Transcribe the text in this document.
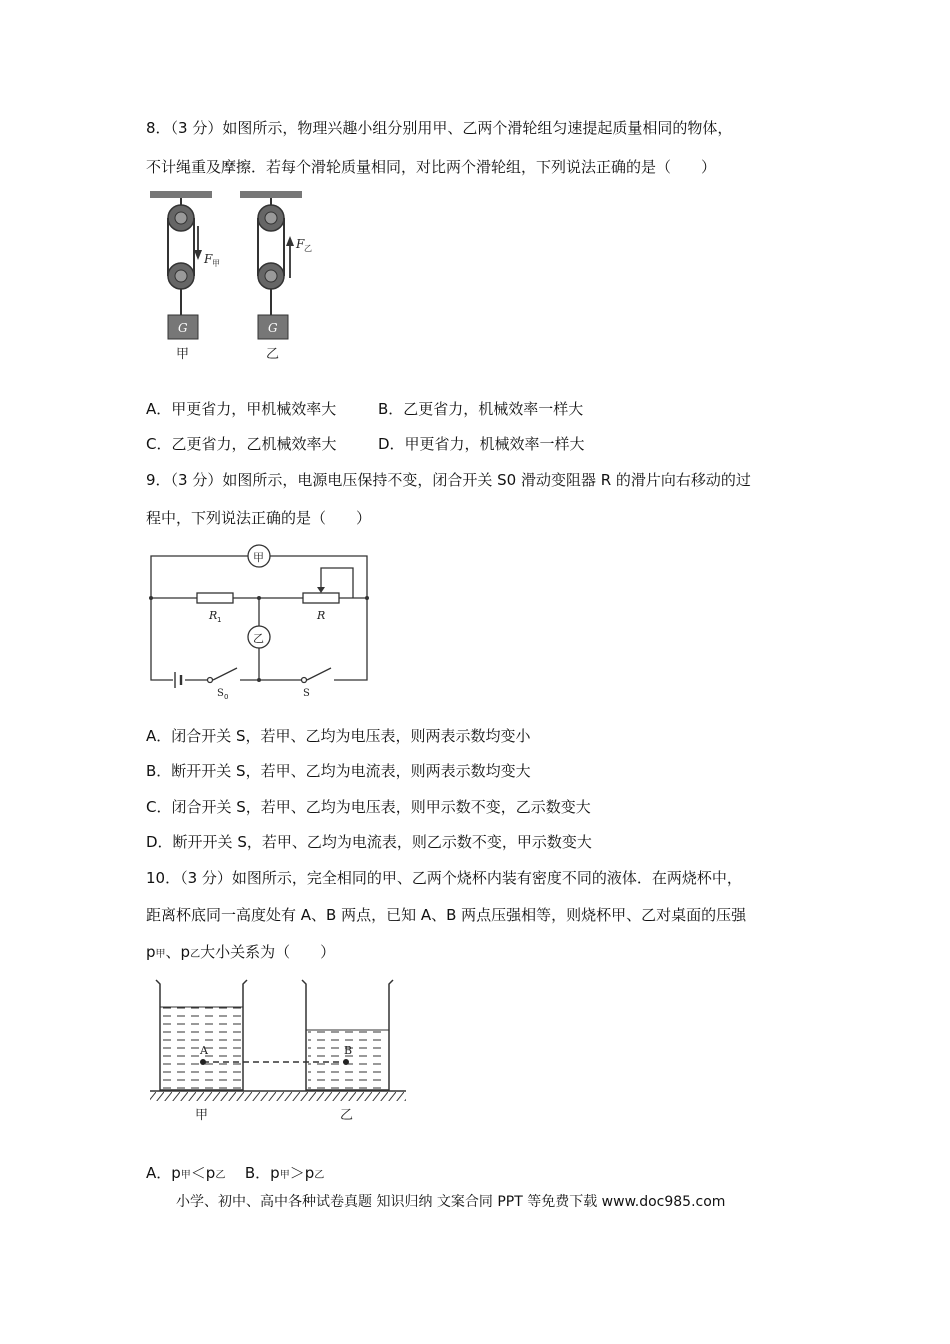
8．（3 分）如图所示，物理兴趣小组分别用甲、乙两个滑轮组匀速提起质量相同的物体，
不计绳重及摩擦．若每个滑轮质量相同，对比两个滑轮组，下列说法正确的是（　　）
F 甲
F 乙
G	G
甲	乙
A．甲更省力，甲机械效率大	B．乙更省力，机械效率一样大
C．乙更省力，乙机械效率大	D．甲更省力，机械效率一样大
9．（3 分）如图所示，电源电压保持不变，闭合开关 S0 滑动变阻器 R 的滑片向右移动的过
程中，下列说法正确的是（　　）
甲
乙
R 1	R
S 0	S
A．闭合开关 S，若甲、乙均为电压表，则两表示数均变小
B．断开开关 S，若甲、乙均为电流表，则两表示数均变大
C．闭合开关 S，若甲、乙均为电压表，则甲示数不变，乙示数变大
D．断开开关 S，若甲、乙均为电流表，则乙示数不变，甲示数变大
10．（3 分）如图所示，完全相同的甲、乙两个烧杯内装有密度不同的液体．在两烧杯中，
距离杯底同一高度处有 A、B 两点，已知 A、B 两点压强相等，则烧杯甲、乙对桌面的压强
p甲、p乙大小关系为（　　）
A	B
甲	乙
A．p甲＜p乙 B．p甲＞p乙
小学、初中、高中各种试卷真题 知识归纳 文案合同 PPT 等免费下载 www.doc985.com
